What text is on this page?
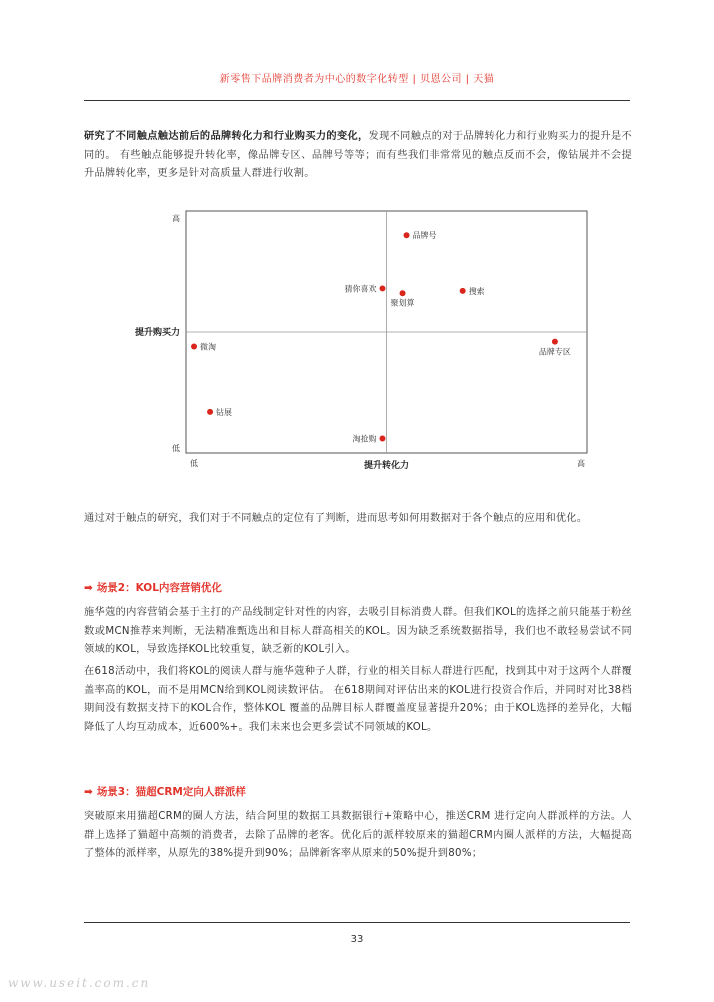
新零售下品牌消费者为中心的数字化转型 | 贝恩公司 | 天猫
研究了不同触点触达前后的品牌转化力和行业购买力的变化，发现不同触点的对于品牌转化力和行业购买力的提升是不同的。 有些触点能够提升转化率，像品牌专区、品牌号等等；而有些我们非常常见的触点反而不会，像钻展并不会提升品牌转化率，更多是针对高质量人群进行收割。
品牌号
猜你喜欢
聚划算
搜索
品牌专区
微淘
钻展
淘抢购
高
低
低	高
提升购买力
提升转化力
通过对于触点的研究，我们对于不同触点的定位有了判断，进而思考如何用数据对于各个触点的应用和优化。
➡ 场景2：KOL内容营销优化
施华蔻的内容营销会基于主打的产品线制定针对性的内容，去吸引目标消费人群。但我们KOL的选择之前只能基于粉丝数或MCN推荐来判断，无法精准甄选出和目标人群高相关的KOL。因为缺乏系统数据指导，我们也不敢轻易尝试不同领域的KOL，导致选择KOL比较重复，缺乏新的KOL引入。
在618活动中，我们将KOL的阅读人群与施华蔻种子人群，行业的相关目标人群进行匹配，找到其中对于这两个人群覆盖率高的KOL，而不是用MCN给到KOL阅读数评估。 在618期间对评估出来的KOL进行投资合作后，并同时对比38档期间没有数据支持下的KOL合作，整体KOL 覆盖的品牌目标人群覆盖度显著提升20%；由于KOL选择的差异化，大幅降低了人均互动成本，近600%+。我们未来也会更多尝试不同领域的KOL。
➡ 场景3：猫超CRM定向人群派样
突破原来用猫超CRM的圈人方法，结合阿里的数据工具数据银行+策略中心，推送CRM 进行定向人群派样的方法。人群上选择了猫超中高频的消费者，去除了品牌的老客。优化后的派样较原来的猫超CRM内圈人派样的方法，大幅提高了整体的派样率，从原先的38%提升到90%；品牌新客率从原来的50%提升到80%；
33
www.useit.com.cn
